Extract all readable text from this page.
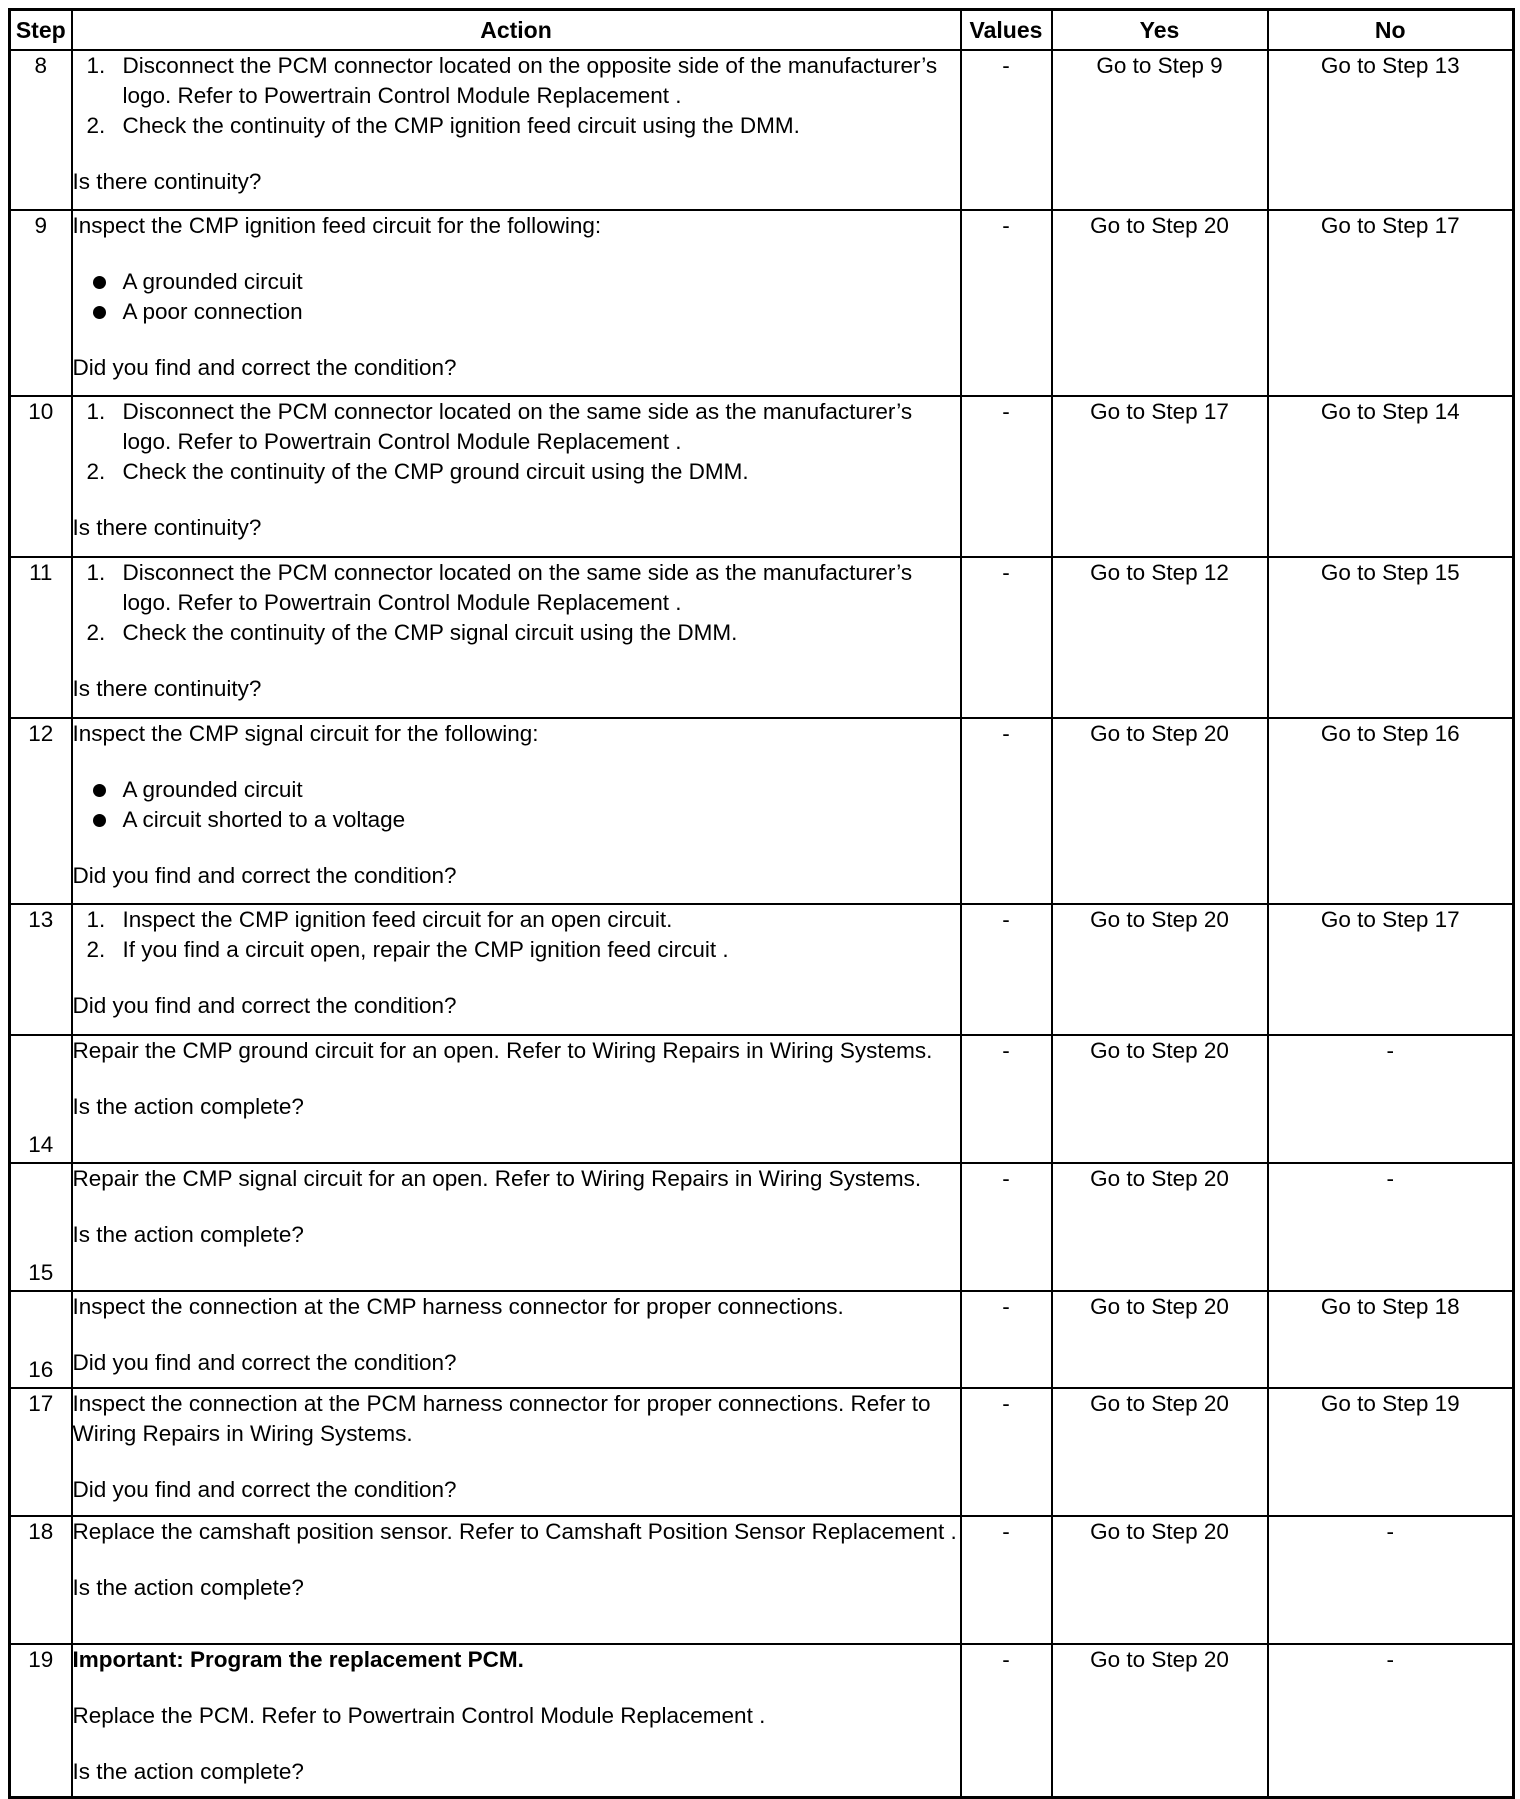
Step	Action	Values	Yes	No
8	1. Disconnect the PCM connector located on the opposite side of the manufacturer’s logo. Refer to Powertrain Control Module Replacement .
2. Check the continuity of the CMP ignition feed circuit using the DMM.
Is there continuity?	-	Go to Step 9	Go to Step 13
9	Inspect the CMP ignition feed circuit for the following:
A grounded circuit
A poor connection
Did you find and correct the condition?	-	Go to Step 20	Go to Step 17
10	1. Disconnect the PCM connector located on the same side as the manufacturer’s logo. Refer to Powertrain Control Module Replacement .
2. Check the continuity of the CMP ground circuit using the DMM.
Is there continuity?	-	Go to Step 17	Go to Step 14
11	1. Disconnect the PCM connector located on the same side as the manufacturer’s logo. Refer to Powertrain Control Module Replacement .
2. Check the continuity of the CMP signal circuit using the DMM.
Is there continuity?	-	Go to Step 12	Go to Step 15
12	Inspect the CMP signal circuit for the following:
A grounded circuit
A circuit shorted to a voltage
Did you find and correct the condition?	-	Go to Step 20	Go to Step 16
13	1. Inspect the CMP ignition feed circuit for an open circuit.
2. If you find a circuit open, repair the CMP ignition feed circuit .
Did you find and correct the condition?	-	Go to Step 20	Go to Step 17
14	Repair the CMP ground circuit for an open. Refer to Wiring Repairs in Wiring Systems.
Is the action complete?	-	Go to Step 20	-
15	Repair the CMP signal circuit for an open. Refer to Wiring Repairs in Wiring Systems.
Is the action complete?	-	Go to Step 20	-
16	Inspect the connection at the CMP harness connector for proper connections.
Did you find and correct the condition?	-	Go to Step 20	Go to Step 18
17	Inspect the connection at the PCM harness connector for proper connections. Refer to Wiring Repairs in Wiring Systems.
Did you find and correct the condition?	-	Go to Step 20	Go to Step 19
18	Replace the camshaft position sensor. Refer to Camshaft Position Sensor Replacement .
Is the action complete?	-	Go to Step 20	-
19	Important: Program the replacement PCM.
Replace the PCM. Refer to Powertrain Control Module Replacement .
Is the action complete?	-	Go to Step 20	-
